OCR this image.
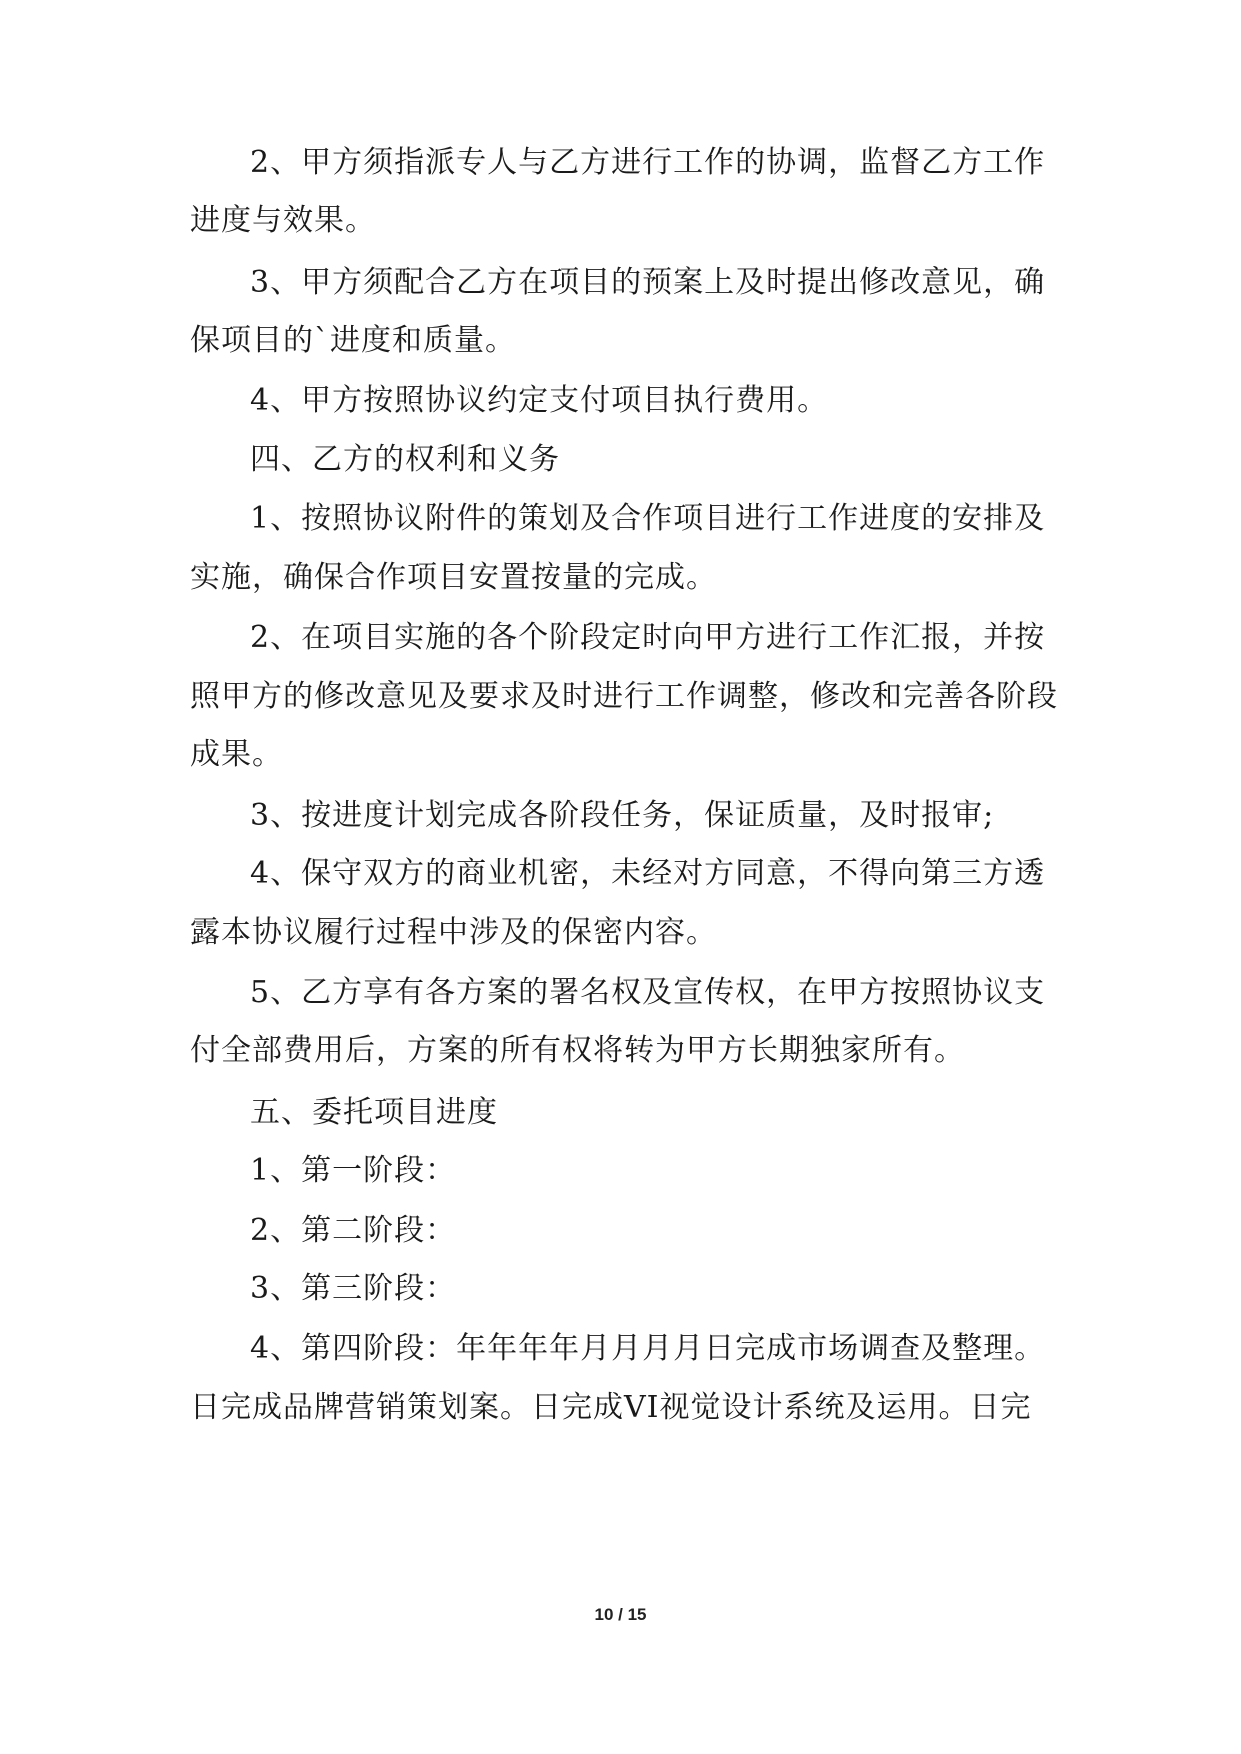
2、甲方须指派专人与乙方进行工作的协调，监督乙方工作
进度与效果。
3、甲方须配合乙方在项目的预案上及时提出修改意见，确
保项目的`进度和质量。
4、甲方按照协议约定支付项目执行费用。
四、乙方的权利和义务
1、按照协议附件的策划及合作项目进行工作进度的安排及
实施，确保合作项目安置按量的完成。
2、在项目实施的各个阶段定时向甲方进行工作汇报，并按
照甲方的修改意见及要求及时进行工作调整，修改和完善各阶段
成果。
3、按进度计划完成各阶段任务，保证质量，及时报审;
4、保守双方的商业机密，未经对方同意，不得向第三方透
露本协议履行过程中涉及的保密内容。
5、乙方享有各方案的署名权及宣传权，在甲方按照协议支
付全部费用后，方案的所有权将转为甲方长期独家所有。
五、委托项目进度
1、第一阶段：
2、第二阶段：
3、第三阶段：
4、第四阶段：年年年年月月月月日完成市场调查及整理。
日完成品牌营销策划案。日完成VI视觉设计系统及运用。日完
10 / 15
